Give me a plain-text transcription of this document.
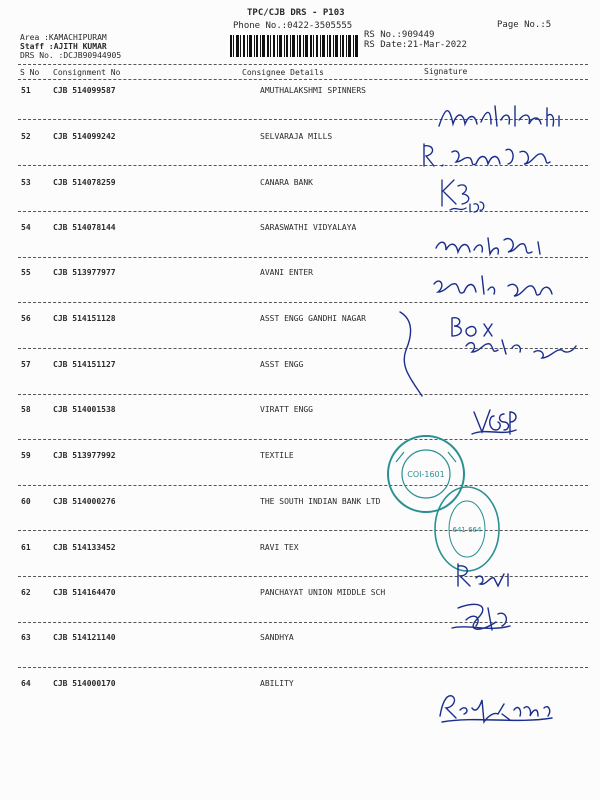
TPC/CJB DRS - P103
Phone No.:0422-3505555	Page No.:5
Area :KAMACHIPURAM
Staff :AJITH KUMAR
DRS No. :DCJB90944905
RS No.:909449
RS Date:21-Mar-2022
S No Consignment No	Consignee Details	Signature
51	CJB 514099587	AMUTHALAKSHMI SPINNERS
52	CJB 514099242	SELVARAJA MILLS
53	CJB 514078259	CANARA BANK
54	CJB 514078144	SARASWATHI VIDYALAYA
55	CJB 513977977	AVANI ENTER
56	CJB 514151128	ASST ENGG GANDHI NAGAR
57	CJB 514151127	ASST ENGG
58	CJB 514001538	VIRATT ENGG
59	CJB 513977992	TEXTILE
60	CJB 514000276	THE SOUTH INDIAN BANK LTD
61	CJB 514133452	RAVI TEX
62	CJB 514164470	PANCHAYAT UNION MIDDLE SCH
63	CJB 514121140	SANDHYA
64	CJB 514000170	ABILITY
COI-1601
641 664
